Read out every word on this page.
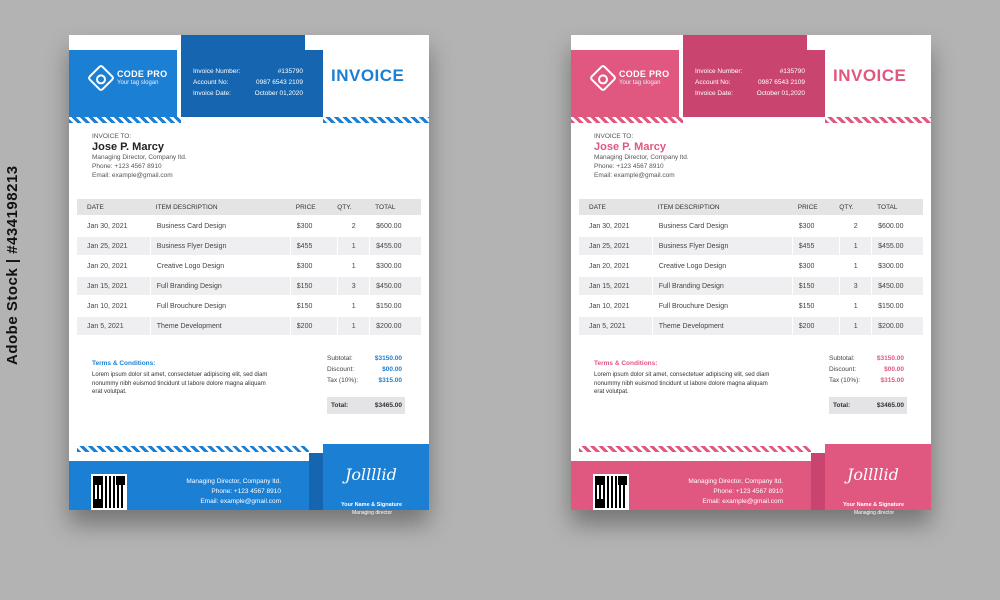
Adobe Stock | #434198213
CODE PRO
Your tag slogan
Invoice Number:	#135790
Account No:	0987 6543 2109
Invoice Date:	October 01,2020
INVOICE
INVOICE TO:
Jose P. Marcy
Managing Director, Company ltd.
Phone: +123 4567 8910
Email: example@gmail.com
DATE	ITEM DESCRIPTION	PRICE	QTY.	TOTAL
Jan 30, 2021	Business Card Design	$300	2	$600.00
Jan 25, 2021	Business Flyer Design	$455	1	$455.00
Jan 20, 2021	Creative Logo Design	$300	1	$300.00
Jan 15, 2021	Full Branding Design	$150	3	$450.00
Jan 10, 2021	Full Brouchure Design	$150	1	$150.00
Jan 5, 2021	Theme Development	$200	1	$200.00
Terms & Conditions:
Lorem ipsum dolor sit amet, consectetuer adipiscing elit, sed diam nonummy nibh euismod tincidunt ut labore dolore magna aliquam erat volutpat.
Subtotal:	$3150.00
Discount:	$00.00
Tax (10%):	$315.00
Total:	$3465.00
Managing Director, Company ltd.
Phone: +123 4567 8910
Email: example@gmail.com
Jollllid
Your Name & Signature
Managing director
CODE PRO
Your tag slogan
Invoice Number:	#135790
Account No:	0987 6543 2109
Invoice Date:	October 01,2020
INVOICE
INVOICE TO:
Jose P. Marcy
Managing Director, Company ltd.
Phone: +123 4567 8910
Email: example@gmail.com
DATE	ITEM DESCRIPTION	PRICE	QTY.	TOTAL
Jan 30, 2021	Business Card Design	$300	2	$600.00
Jan 25, 2021	Business Flyer Design	$455	1	$455.00
Jan 20, 2021	Creative Logo Design	$300	1	$300.00
Jan 15, 2021	Full Branding Design	$150	3	$450.00
Jan 10, 2021	Full Brouchure Design	$150	1	$150.00
Jan 5, 2021	Theme Development	$200	1	$200.00
Terms & Conditions:
Lorem ipsum dolor sit amet, consectetuer adipiscing elit, sed diam nonummy nibh euismod tincidunt ut labore dolore magna aliquam erat volutpat.
Subtotal:	$3150.00
Discount:	$00.00
Tax (10%):	$315.00
Total:	$3465.00
Managing Director, Company ltd.
Phone: +123 4567 8910
Email: example@gmail.com
Jollllid
Your Name & Signature
Managing director
